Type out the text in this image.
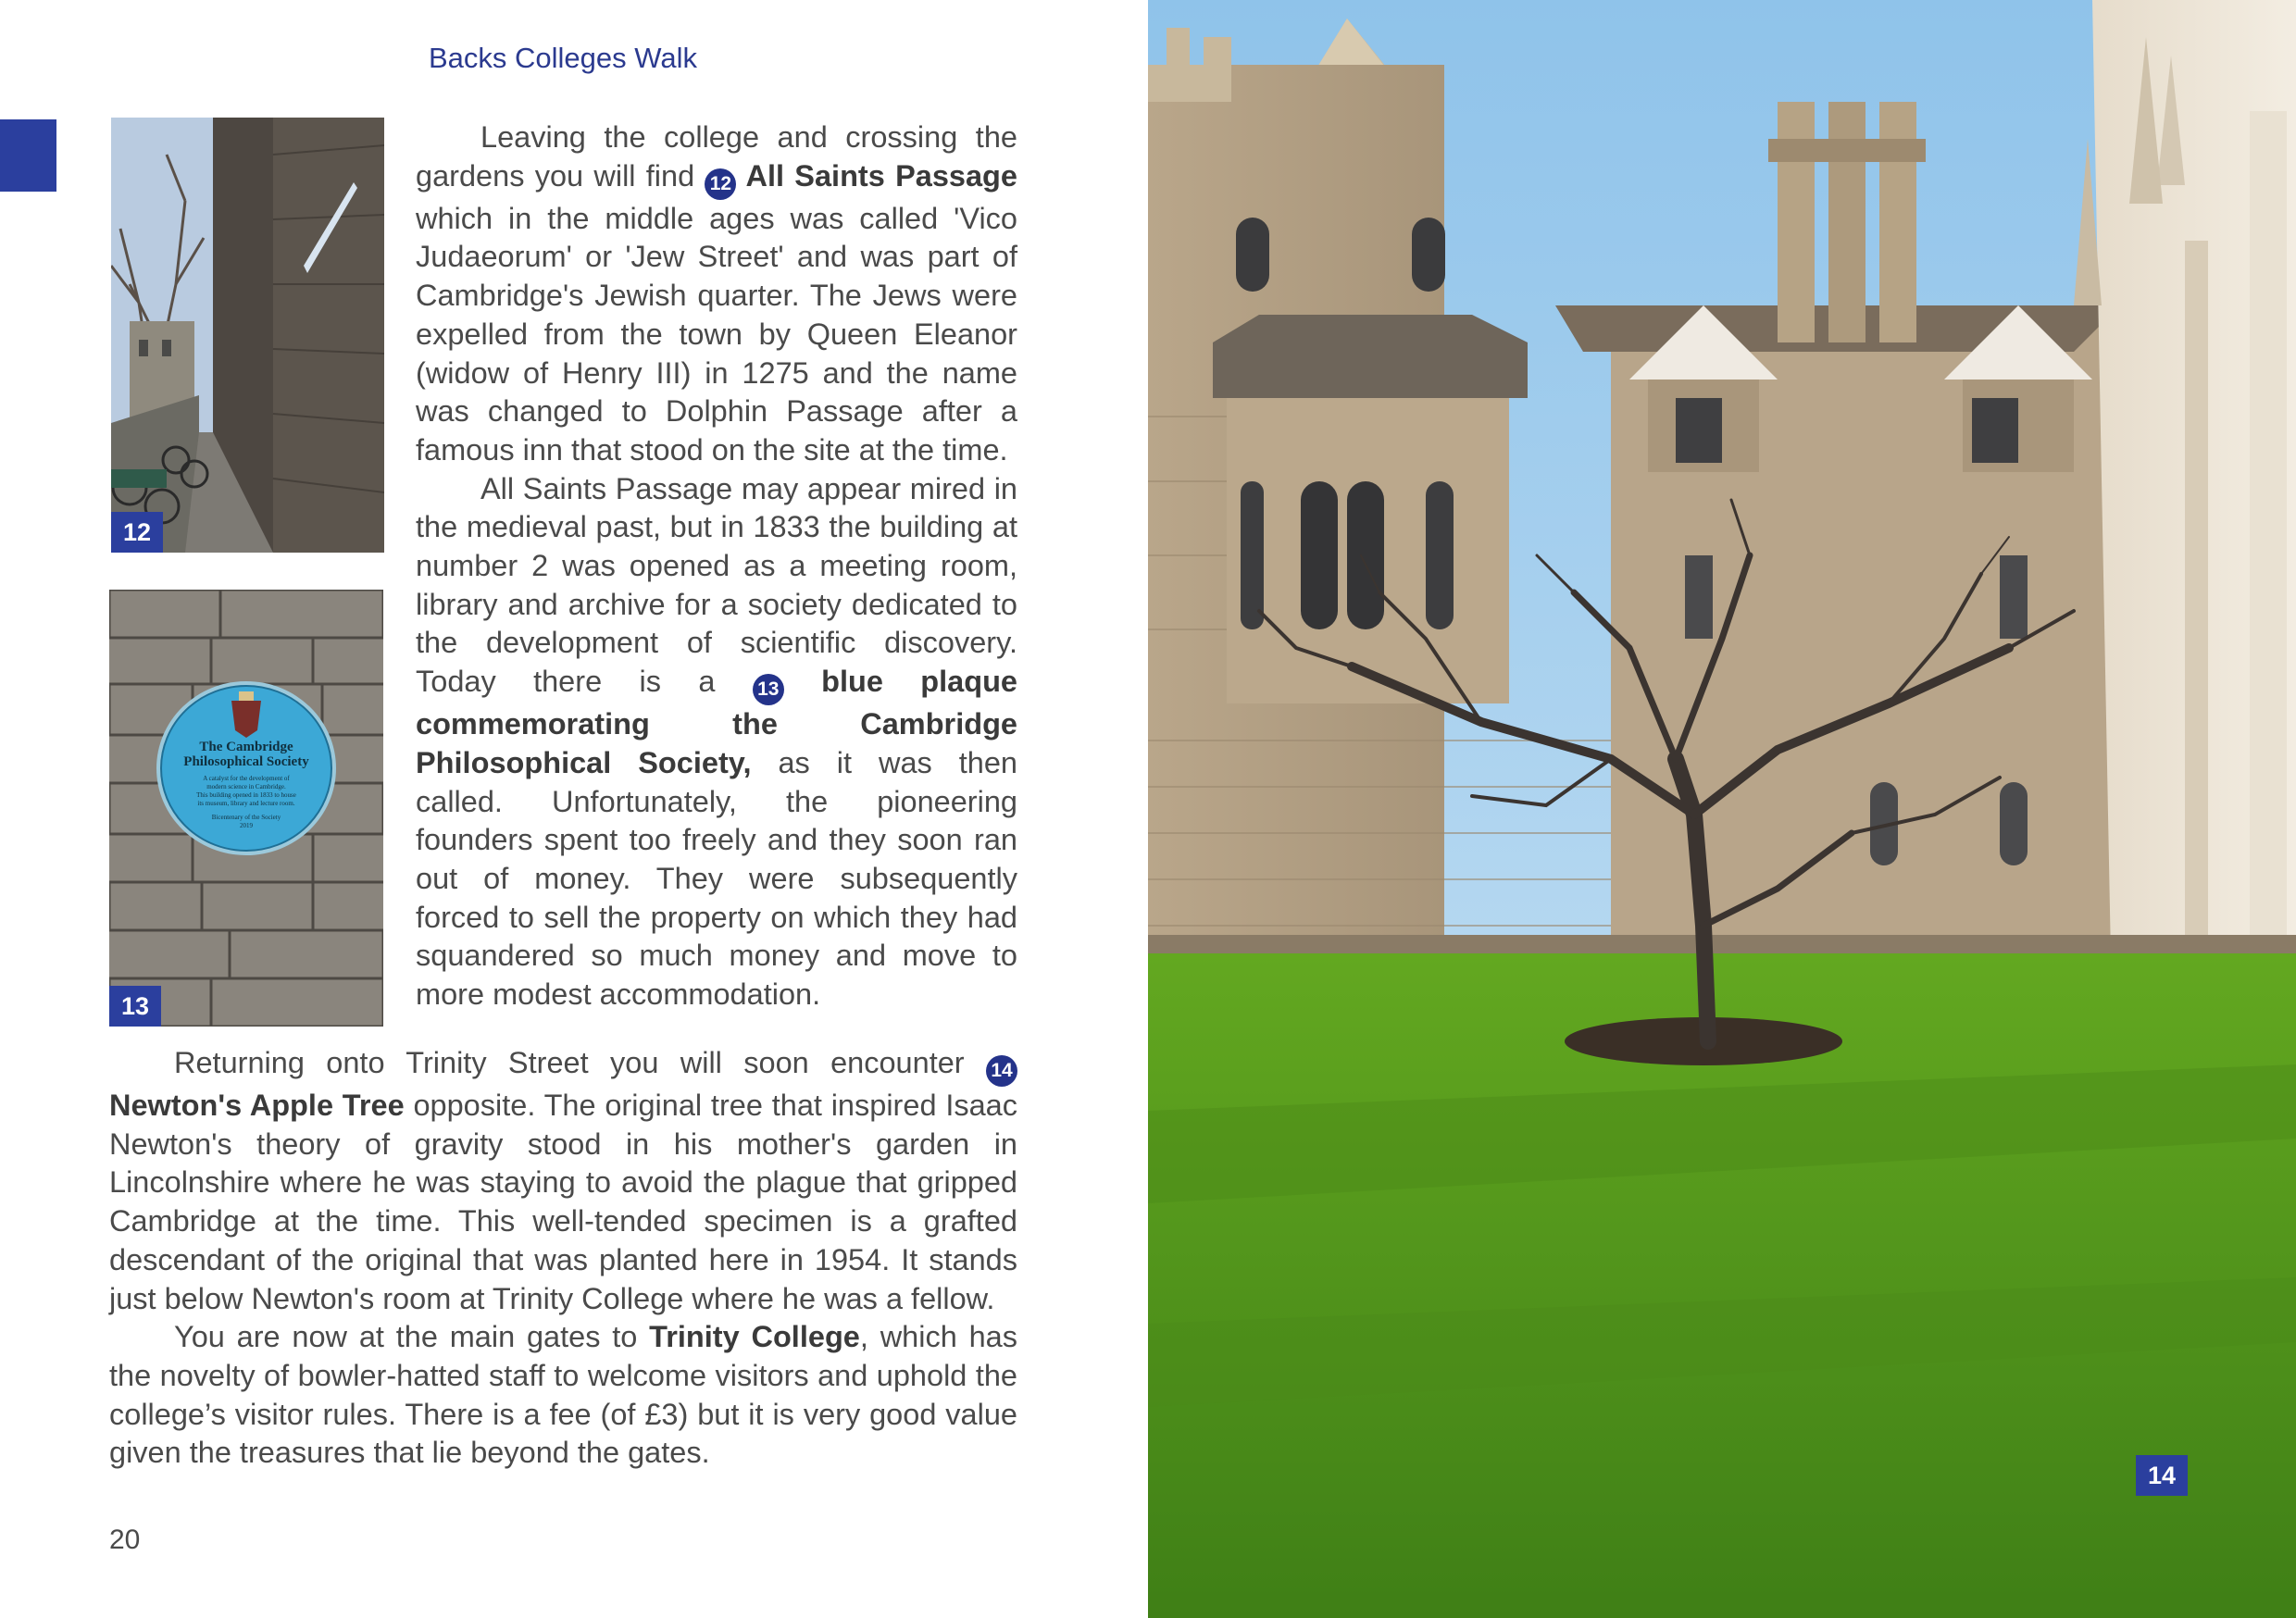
Backs Colleges Walk
12
The Cambridge
Philosophical Society
A catalyst for the development of
modern science in Cambridge.
This building opened in 1833 to house
its museum, library and lecture room.
Bicentenary of the Society
2019
13

Leaving the college and crossing the gardens you will find 12 All Saints Passage which in the middle ages was called 'Vico Judaeorum' or 'Jew Street' and was part of Cambridge's Jewish quarter. The Jews were expelled from the town by Queen Eleanor (widow of Henry III) in 1275 and the name was changed to Dolphin Passage after a famous inn that stood on the site at the time.

All Saints Passage may appear mired in the medieval past, but in 1833 the building at number 2 was opened as a meeting room, library and archive for a society dedicated to the development of scientific discovery. Today there is a 13 blue plaque commemorating the Cambridge Philosophical Society, as it was then called. Unfortunately, the pioneering founders spent too freely and they soon ran out of money. They were subsequently forced to sell the property on which they had squandered so much money and move to more modest accommodation.

Returning onto Trinity Street you will soon encounter 14 Newton's Apple Tree opposite. The original tree that inspired Isaac Newton's theory of gravity stood in his mother's garden in Lincolnshire where he was staying to avoid the plague that gripped Cambridge at the time. This well-tended specimen is a grafted descendant of the original that was planted here in 1954. It stands just below Newton's room at Trinity College where he was a fellow.

You are now at the main gates to Trinity College, which has the novelty of bowler-hatted staff to welcome visitors and uphold the college’s visitor rules. There is a fee (of £3) but it is very good value given the treasures that lie beyond the gates.

20
14
